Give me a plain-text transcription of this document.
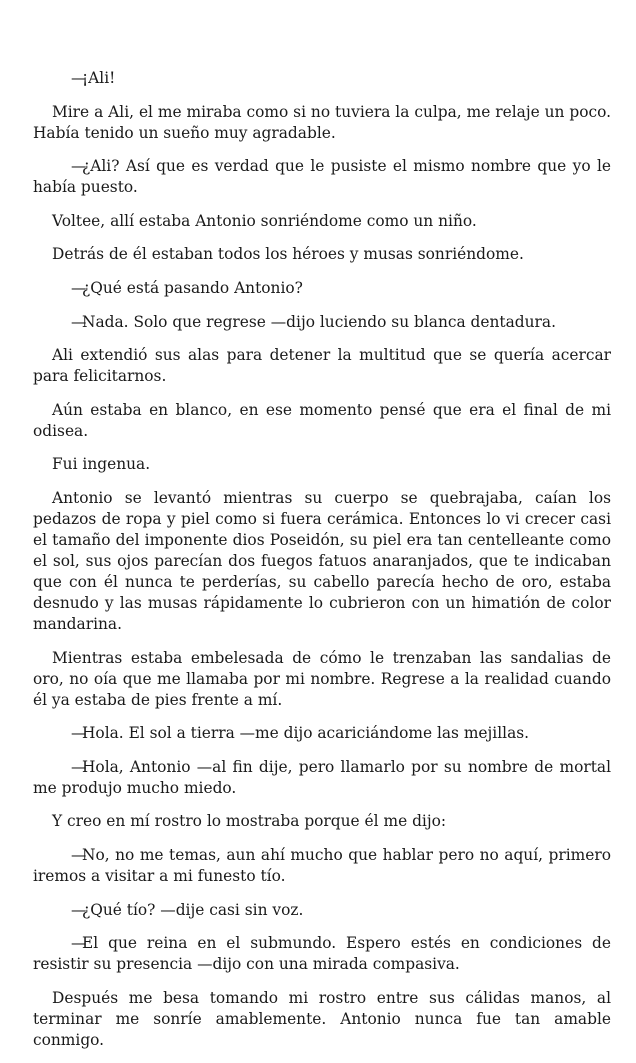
—¡Ali!

Mire a Ali, el me miraba como si no tuviera la culpa, me relaje un poco. Había tenido un sueño muy agradable.

—¿Ali? Así que es verdad que le pusiste el mismo nombre que yo le había puesto.

Voltee, allí estaba Antonio sonriéndome como un niño.

Detrás de él estaban todos los héroes y musas sonriéndome.

—¿Qué está pasando Antonio?

—Nada. Solo que regrese —dijo luciendo su blanca dentadura.

Ali extendió sus alas para detener la multitud que se quería acercar para felicitarnos.

Aún estaba en blanco, en ese momento pensé que era el final de mi odisea.

Fui ingenua.

Antonio se levantó mientras su cuerpo se quebrajaba, caían los pedazos de ropa y piel como si fuera cerámica. Entonces lo vi crecer casi el tamaño del imponente dios Poseidón, su piel era tan centelleante como el sol, sus ojos parecían dos fuegos fatuos anaranjados, que te indicaban que con él nunca te perderías, su cabello parecía hecho de oro, estaba desnudo y las musas rápidamente lo cubrieron con un himatión de color mandarina.

Mientras estaba embelesada de cómo le trenzaban las sandalias de oro, no oía que me llamaba por mi nombre. Regrese a la realidad cuando él ya estaba de pies frente a mí.

—Hola. El sol a tierra —me dijo acariciándome las mejillas.

—Hola, Antonio —al fin dije, pero llamarlo por su nombre de mortal me produjo mucho miedo.

Y creo en mí rostro lo mostraba porque él me dijo:

—No, no me temas, aun ahí mucho que hablar pero no aquí, primero iremos a visitar a mi funesto tío.

—¿Qué tío? —dije casi sin voz.

—El que reina en el submundo. Espero estés en condiciones de resistir su presencia —dijo con una mirada compasiva.

Después me besa tomando mi rostro entre sus cálidas manos, al terminar me sonríe amablemente. Antonio nunca fue tan amable conmigo.
